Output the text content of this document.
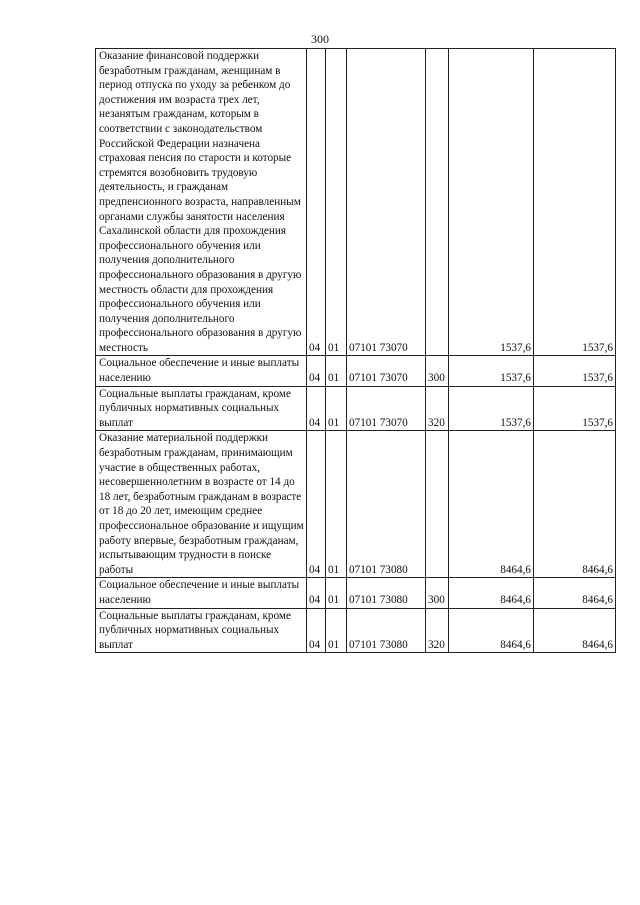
300
Оказание финансовой поддержки безработным гражданам, женщинам в период отпуска по уходу за ребенком до достижения им возраста трех лет, незанятым гражданам, которым в соответствии с законодательством Российской Федерации назначена страховая пенсия по старости и которые стремятся возобновить трудовую деятельность, и гражданам предпенсионного возраста, направленным органами службы занятости населения Сахалинской области для прохождения профессионального обучения или получения дополнительного профессионального образования в другую местность области для прохождения профессионального обучения или получения дополнительного профессионального образования в другую местность	04	01	07101 73070		1537,6	1537,6
Социальное обеспечение и иные выплаты населению	04	01	07101 73070	300	1537,6	1537,6
Социальные выплаты гражданам, кроме публичных нормативных социальных выплат	04	01	07101 73070	320	1537,6	1537,6
Оказание материальной поддержки безработным гражданам, принимающим участие в общественных работах, несовершеннолетним в возрасте от 14 до 18 лет, безработным гражданам в возрасте от 18 до 20 лет, имеющим среднее профессиональное образование и ищущим работу впервые, безработным гражданам, испытывающим трудности в поиске работы	04	01	07101 73080		8464,6	8464,6
Социальное обеспечение и иные выплаты населению	04	01	07101 73080	300	8464,6	8464,6
Социальные выплаты гражданам, кроме публичных нормативных социальных выплат	04	01	07101 73080	320	8464,6	8464,6
